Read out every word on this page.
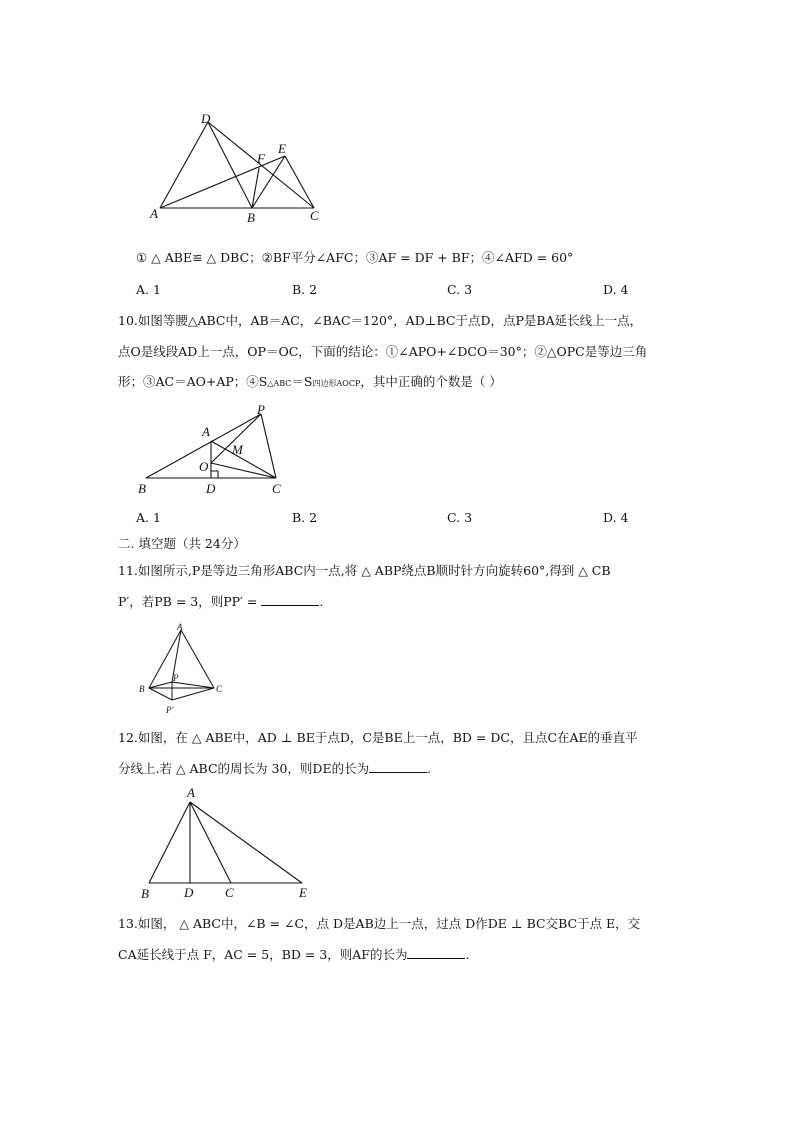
D
E
F
A	B	C
① △ ABE≌ △ DBC；②BF平分∠AFC；③AF = DF + BF；④∠AFD = 60°
A. 1	B. 2	C. 3	D. 4
10.如图等腰△ABC中，AB＝AC，∠BAC＝120°，AD⊥BC于点D，点P是BA延长线上一点，
点O是线段AD上一点，OP＝OC，下面的结论：①∠APO+∠DCO＝30°；②△OPC是等边三角
形；③AC＝AO+AP；④S△ABC＝S四边形AOCP，其中正确的个数是（ ）
P
A
M
O
B	D	C
A. 1	B. 2	C. 3	D. 4
二. 填空题（共 24分）
11.如图所示,P是等边三角形ABC内一点,将 △ ABP绕点B顺时针方向旋转60°,得到 △ CB
P′，若PB = 3，则PP′ =	.
A
P
B	C
P′
12.如图，在 △ ABE中，AD ⊥ BE于点D，C是BE上一点，BD = DC，且点C在AE的垂直平
分线上.若 △ ABC的周长为 30，则DE的长为	.
A
B	D C	E
13.如图， △ ABC中，∠B = ∠C，点 D是AB边上一点，过点 D作DE ⊥ BC交BC于点 E，交
CA延长线于点 F，AC = 5，BD = 3，则AF的长为	.
